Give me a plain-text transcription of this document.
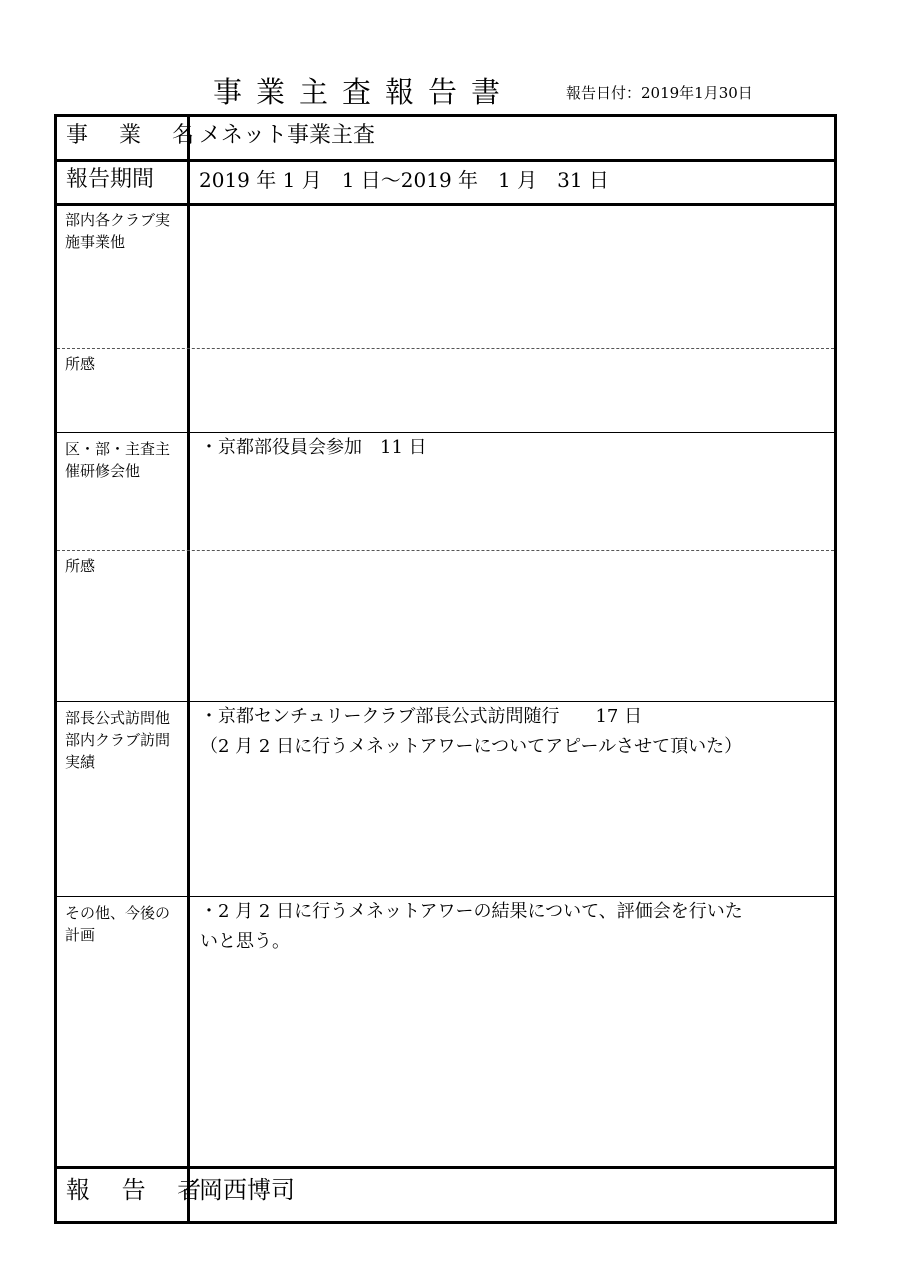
事業主査報告書	報告日付：2019年1月30日
事 業 名
メネット事業主査
報告期間 2019 年 1 月　1 日～2019 年　1 月　31 日
部内各クラブ実施事業他
所感
区・部・主査主催研修会他
・京都部役員会参加　11 日
所感
部長公式訪問他
部内クラブ訪問実績
・京都センチュリークラブ部長公式訪問随行　　17 日
（2 月 2 日に行うメネットアワーについてアピールさせて頂いた）
その他、今後の計画
・2 月 2 日に行うメネットアワーの結果について、評価会を行いた
いと思う。
報 告 者
岡西博司
